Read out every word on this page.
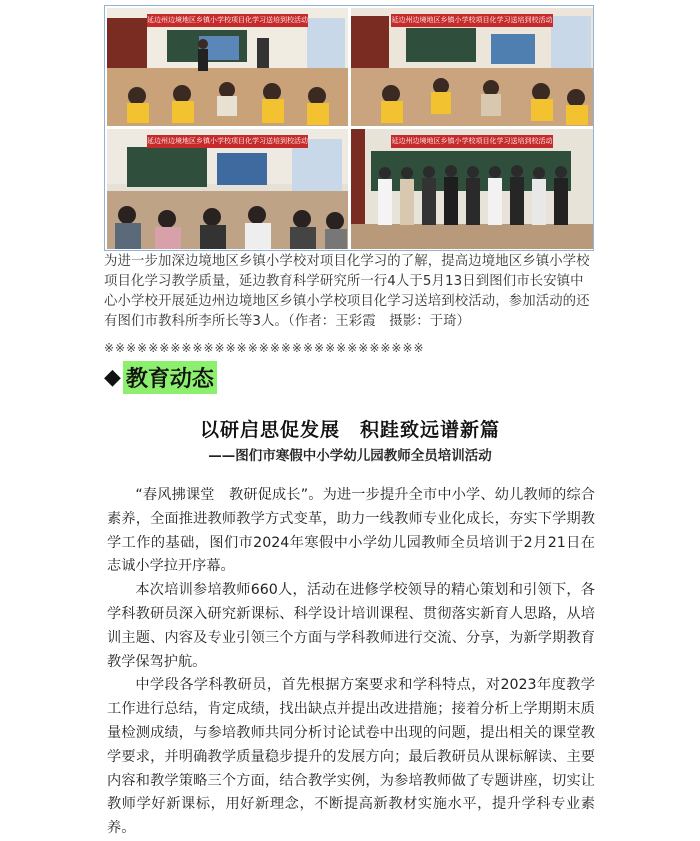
延边州边境地区乡镇小学校项目化学习送培到校活动	延边州边境地区乡镇小学校项目化学习送培到校活动
延边州边境地区乡镇小学校项目化学习送培到校活动	延边州边境地区乡镇小学校项目化学习送培到校活动
为进一步加深边境地区乡镇小学校对项目化学习的了解，提高边境地区乡镇小学校项目化学习教学质量，延边教育科学研究所一行4人于5月13日到图们市长安镇中心小学校开展延边州边境地区乡镇小学校项目化学习送培到校活动，参加活动的还有图们市教科所李所长等3人。（作者：王彩霞　摄影：于琦）
※※※※※※※※※※※※※※※※※※※※※※※※※※※※※
◆ 教育动态
以研启思促发展　积跬致远谱新篇
——图们市寒假中小学幼儿园教师全员培训活动

“春风拂课堂　教研促成长”。为进一步提升全市中小学、幼儿教师的综合素养，全面推进教师教学方式变革，助力一线教师专业化成长，夯实下学期教学工作的基础，图们市2024年寒假中小学幼儿园教师全员培训于2月21日在志诚小学拉开序幕。

本次培训参培教师660人，活动在进修学校领导的精心策划和引领下，各学科教研员深入研究新课标、科学设计培训课程、贯彻落实新育人思路，从培训主题、内容及专业引领三个方面与学科教师进行交流、分享，为新学期教育教学保驾护航。

中学段各学科教研员，首先根据方案要求和学科特点，对2023年度教学工作进行总结，肯定成绩，找出缺点并提出改进措施；接着分析上学期期末质量检测成绩，与参培教师共同分析讨论试卷中出现的问题，提出相关的课堂教学要求，并明确教学质量稳步提升的发展方向；最后教研员从课标解读、主要内容和教学策略三个方面，结合教学实例，为参培教师做了专题讲座，切实让教师学好新课标，用好新理念，不断提高新教材实施水平，提升学科专业素养。
